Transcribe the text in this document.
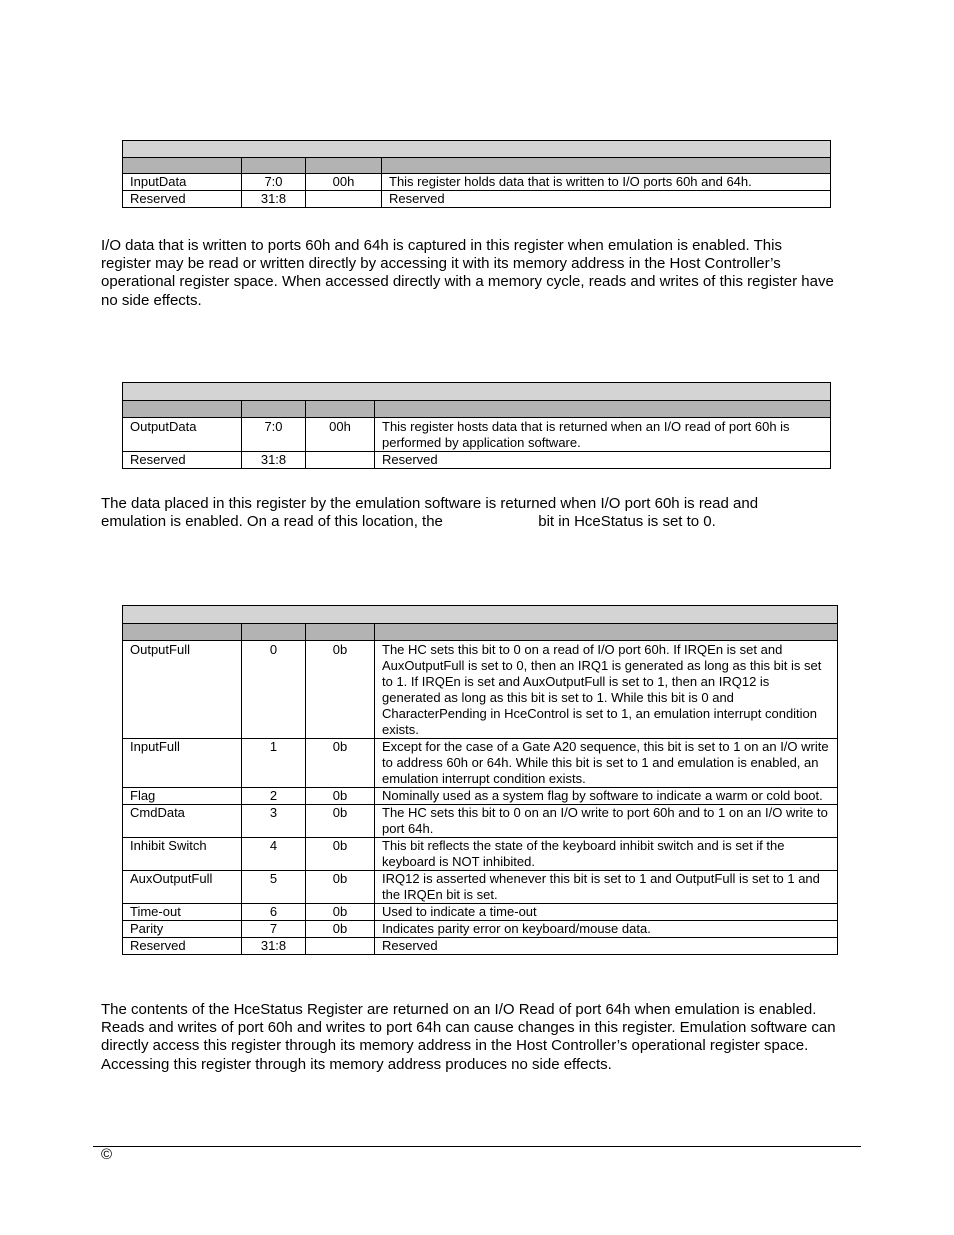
InputData	7:0	00h	This register holds data that is written to I/O ports 60h and 64h.
Reserved	31:8		Reserved

I/O data that is written to ports 60h and 64h is captured in this register when emulation is enabled. This register may be read or written directly by accessing it with its memory address in the Host Controller’s operational register space. When accessed directly with a memory cycle, reads and writes of this register have no side effects.

OutputData	7:0	00h	This register hosts data that is returned when an I/O read of port 60h is performed by application software.
Reserved	31:8		Reserved

The data placed in this register by the emulation software is returned when I/O port 60h is read and emulation is enabled. On a read of this location, the	bit in HceStatus is set to 0.

OutputFull	0	0b	The HC sets this bit to 0 on a read of I/O port 60h. If IRQEn is set and AuxOutputFull is set to 0, then an IRQ1 is generated as long as this bit is set to 1. If IRQEn is set and AuxOutputFull is set to 1, then an IRQ12 is generated as long as this bit is set to 1. While this bit is 0 and CharacterPending in HceControl is set to 1, an emulation interrupt condition exists.
InputFull	1	0b	Except for the case of a Gate A20 sequence, this bit is set to 1 on an I/O write to address 60h or 64h. While this bit is set to 1 and emulation is enabled, an emulation interrupt condition exists.
Flag	2	0b	Nominally used as a system flag by software to indicate a warm or cold boot.
CmdData	3	0b	The HC sets this bit to 0 on an I/O write to port 60h and to 1 on an I/O write to port 64h.
Inhibit Switch	4	0b	This bit reflects the state of the keyboard inhibit switch and is set if the keyboard is NOT inhibited.
AuxOutputFull	5	0b	IRQ12 is asserted whenever this bit is set to 1 and OutputFull is set to 1 and the IRQEn bit is set.
Time-out	6	0b	Used to indicate a time-out
Parity	7	0b	Indicates parity error on keyboard/mouse data.
Reserved	31:8		Reserved

The contents of the HceStatus Register are returned on an I/O Read of port 64h when emulation is enabled. Reads and writes of port 60h and writes to port 64h can cause changes in this register. Emulation software can directly access this register through its memory address in the Host Controller’s operational register space. Accessing this register through its memory address produces no side effects.

©
